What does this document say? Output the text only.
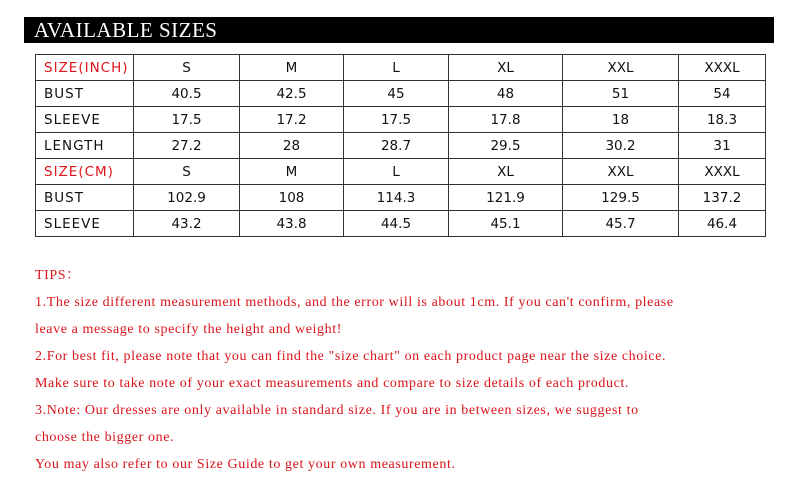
AVAILABLE SIZES
SIZE(INCH)	S	M	L	XL	XXL	XXXL
BUST	40.5	42.5	45	48	51	54
SLEEVE	17.5	17.2	17.5	17.8	18	18.3
LENGTH	27.2	28	28.7	29.5	30.2	31
SIZE(CM)	S	M	L	XL	XXL	XXXL
BUST	102.9	108	114.3	121.9	129.5	137.2
SLEEVE	43.2	43.8	44.5	45.1	45.7	46.4

TIPS：

1.The size different measurement methods, and the error will is about 1cm. If you can't confirm, please

leave a message to specify the height and weight!

2.For best fit, please note that you can find the "size chart" on each product page near the size choice.

Make sure to take note of your exact measurements and compare to size details of each product.

3.Note: Our dresses are only available in standard size. If you are in between sizes, we suggest to

choose the bigger one.

You may also refer to our Size Guide to get your own measurement.
